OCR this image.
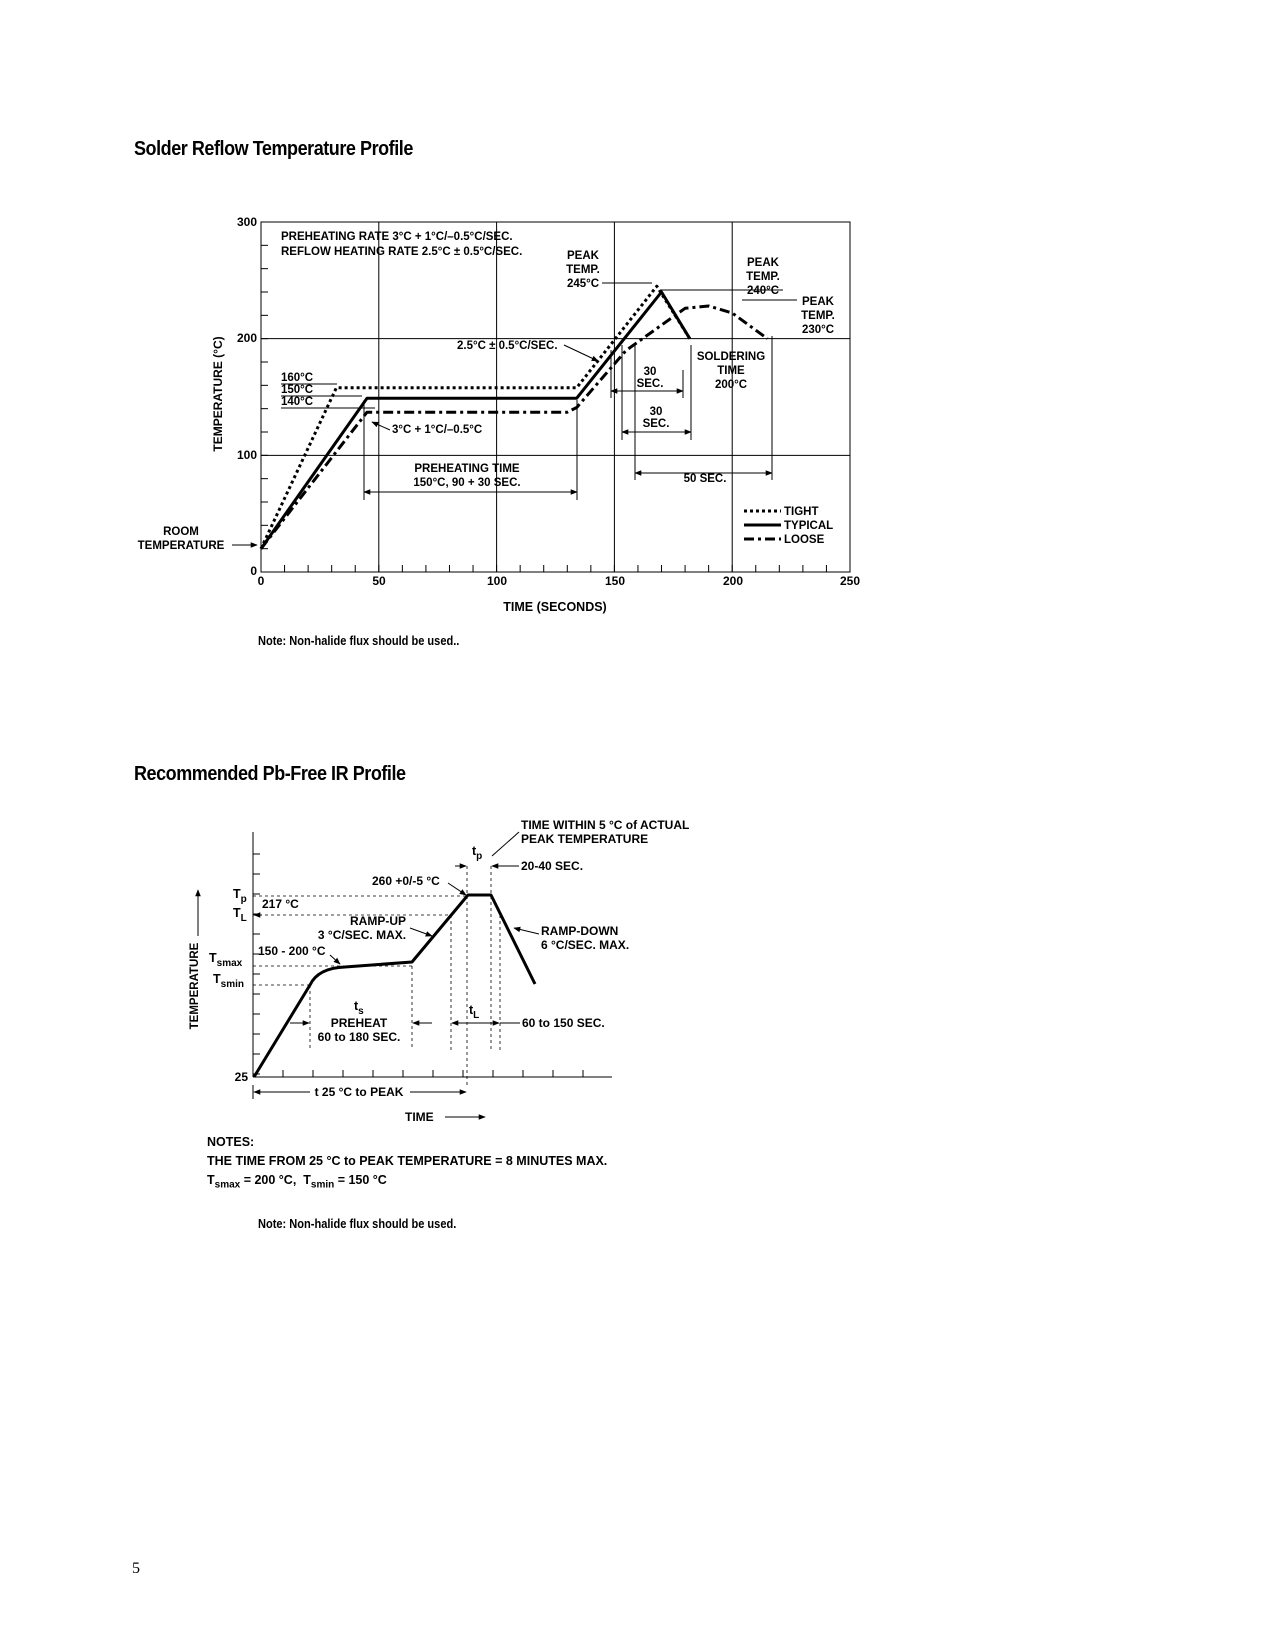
Solder Reflow Temperature Profile
Recommended Pb-Free IR Profile
Note: Non-halide flux should be used..
Note: Non-halide flux should be used.
5
NOTES:
THE TIME FROM 25 °C to PEAK TEMPERATURE = 8 MINUTES MAX.
$T_{smax} = 200$ °C, $T_{smin} = 150$ °C
300
200
100
0
0	50	100	150	200	250
TIME (SECONDS)
TEMPERATURE (°C)
PREHEATING RATE 3°C + 1°C/–0.5°C/SEC.
REFLOW HEATING RATE 2.5°C ± 0.5°C/SEC.	PEAK
TEMP.
245°C
PEAK
TEMP.
240°C
PEAK
TEMP.
230°C
2.5°C ± 0.5°C/SEC.
160°C
150°C
140°C
3°C + 1°C/–0.5°C
SOLDERING
TIME
200°C
30
SEC.
30
SEC.
50 SEC.
PREHEATING TIME
150°C, 90 + 30 SEC.
ROOM
TEMPERATURE
TIGHT
TYPICAL
LOOSE
25
$T_p$
$T_L$
$T_{smax}$
$T_{smin}$
TEMPERATURE
217 °C
260 +0/-5 °C
TIME WITHIN 5 °C of ACTUAL
PEAK TEMPERATURE
$t_p$
20-40 SEC.
RAMP-UP
3 °C/SEC. MAX.	RAMP-DOWN
6 °C/SEC. MAX.
150 - 200 °C
$t_s$
PREHEAT
60 to 180 SEC.
$t_L$
60 to 150 SEC.
t 25 °C to PEAK
TIME
